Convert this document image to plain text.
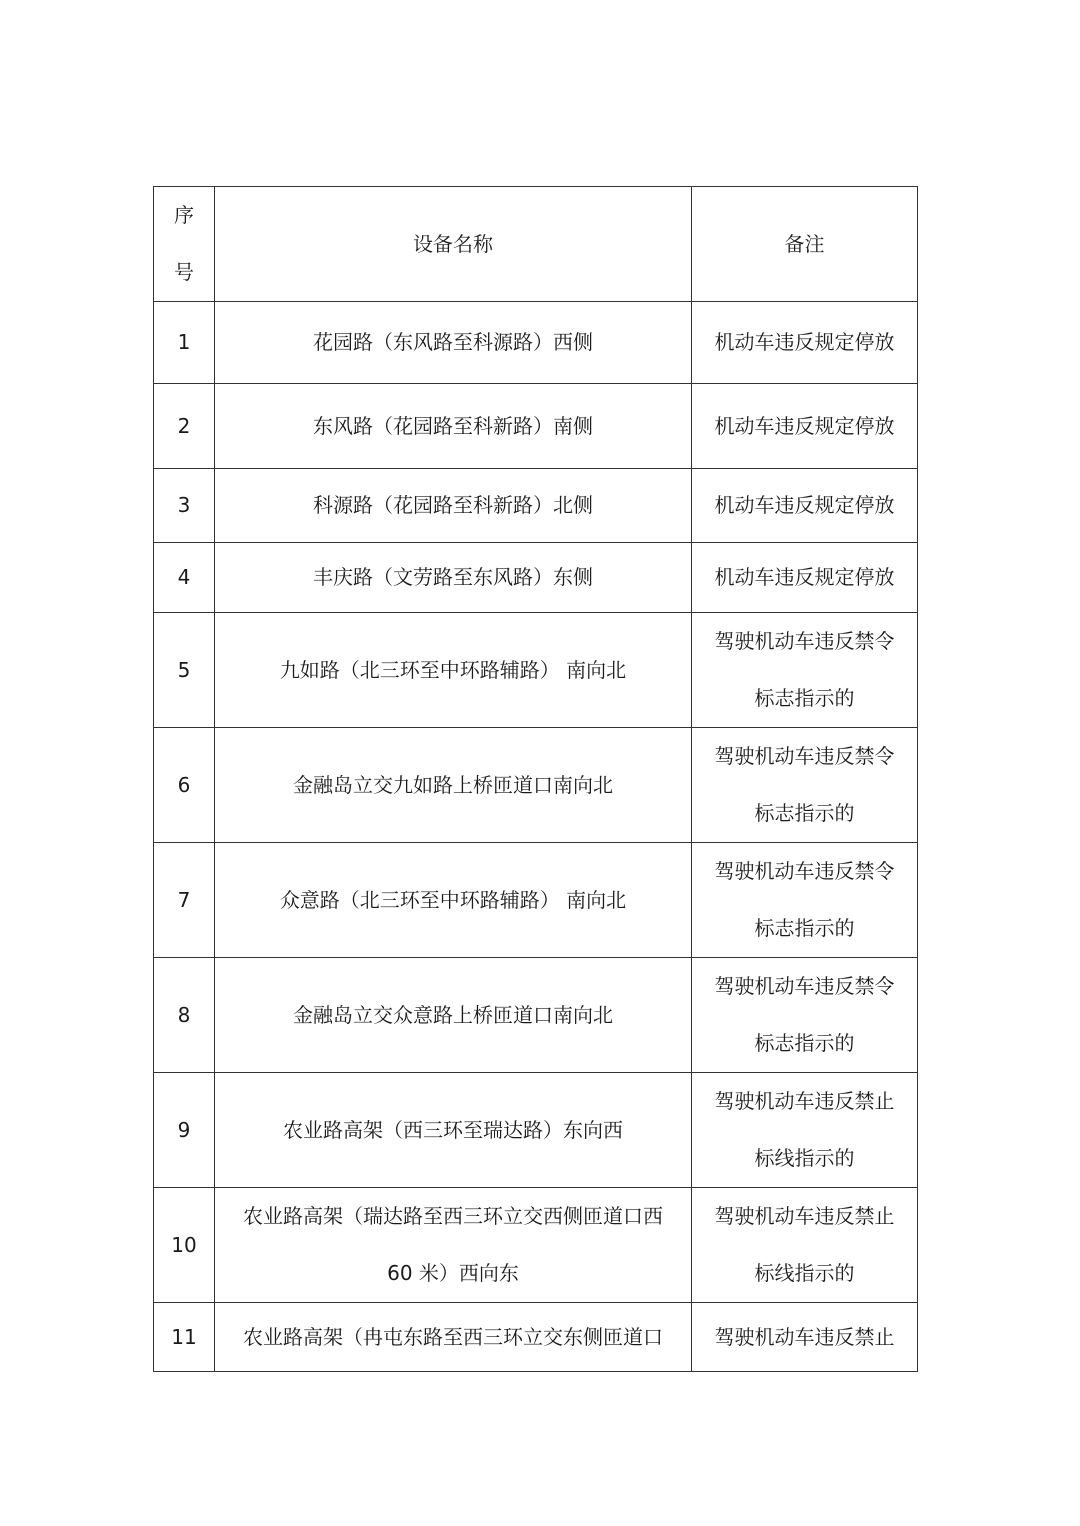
序
号	设备名称	备注
1	花园路（东风路至科源路）西侧	机动车违反规定停放
2	东风路（花园路至科新路）南侧	机动车违反规定停放
3	科源路（花园路至科新路）北侧	机动车违反规定停放
4	丰庆路（文劳路至东风路）东侧	机动车违反规定停放
5	九如路（北三环至中环路辅路） 南向北	驾驶机动车违反禁令
标志指示的
6	金融岛立交九如路上桥匝道口南向北	驾驶机动车违反禁令
标志指示的
7	众意路（北三环至中环路辅路） 南向北	驾驶机动车违反禁令
标志指示的
8	金融岛立交众意路上桥匝道口南向北	驾驶机动车违反禁令
标志指示的
9	农业路高架（西三环至瑞达路）东向西	驾驶机动车违反禁止
标线指示的
10	农业路高架（瑞达路至西三环立交西侧匝道口西
60 米）西向东	驾驶机动车违反禁止
标线指示的
11	农业路高架（冉屯东路至西三环立交东侧匝道口	驾驶机动车违反禁止
